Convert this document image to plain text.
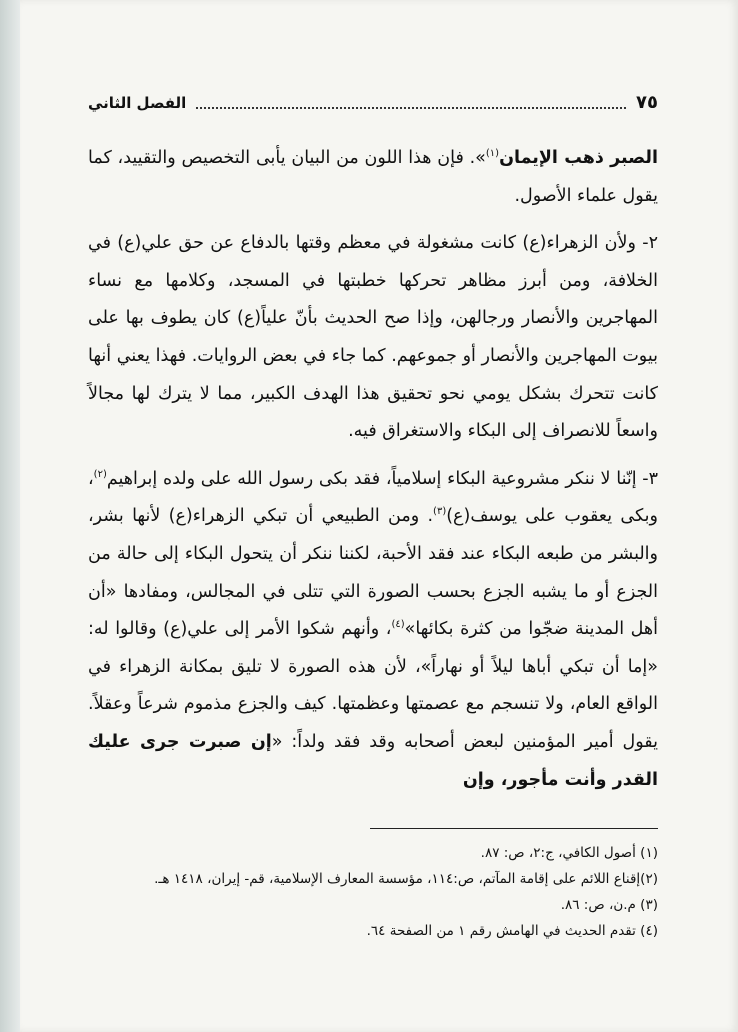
٧٥
الفصل الثاني

الصبر ذهب الإيمان$^{(١)}$». فإن هذا اللون من البيان يأبى التخصيص والتقييد، كما يقول علماء الأصول.

٢- ولأن الزهراء(ع) كانت مشغولة في معظم وقتها بالدفاع عن حق علي(ع) في الخلافة، ومن أبرز مظاهر تحركها خطبتها في المسجد، وكلامها مع نساء المهاجرين والأنصار ورجالهن، وإذا صح الحديث بأنّ علياً(ع) كان يطوف بها على بيوت المهاجرين والأنصار أو جموعهم. كما جاء في بعض الروايات. فهذا يعني أنها كانت تتحرك بشكل يومي نحو تحقيق هذا الهدف الكبير، مما لا يترك لها مجالاً واسعاً للانصراف إلى البكاء والاستغراق فيه.

٣- إنّنا لا ننكر مشروعية البكاء إسلامياً، فقد بكى رسول الله على ولده إبراهيم$^{(٢)}$، وبكى يعقوب على يوسف(ع)$^{(٣)}$. ومن الطبيعي أن تبكي الزهراء(ع) لأنها بشر، والبشر من طبعه البكاء عند فقد الأحبة، لكننا ننكر أن يتحول البكاء إلى حالة من الجزع أو ما يشبه الجزع بحسب الصورة التي تتلى في المجالس، ومفادها «أن أهل المدينة ضجّوا من كثرة بكائها»$^{(٤)}$، وأنهم شكوا الأمر إلى علي(ع) وقالوا له: «إما أن تبكي أباها ليلاً أو نهاراً»، لأن هذه الصورة لا تليق بمكانة الزهراء في الواقع العام، ولا تنسجم مع عصمتها وعظمتها. كيف والجزع مذموم شرعاً وعقلاً. يقول أمير المؤمنين لبعض أصحابه وقد فقد ولداً: «إن صبرت جرى عليك القدر وأنت مأجور، وإن

(١) أصول الكافي، ج:٢، ص: ٨٧.
(٢)إقناع اللائم على إقامة المآتم، ص:١١٤، مؤسسة المعارف الإسلامية، قم- إيران، ١٤١٨ هـ.
(٣) م.ن، ص: ٨٦.
(٤) تقدم الحديث في الهامش رقم ١ من الصفحة ٦٤.
